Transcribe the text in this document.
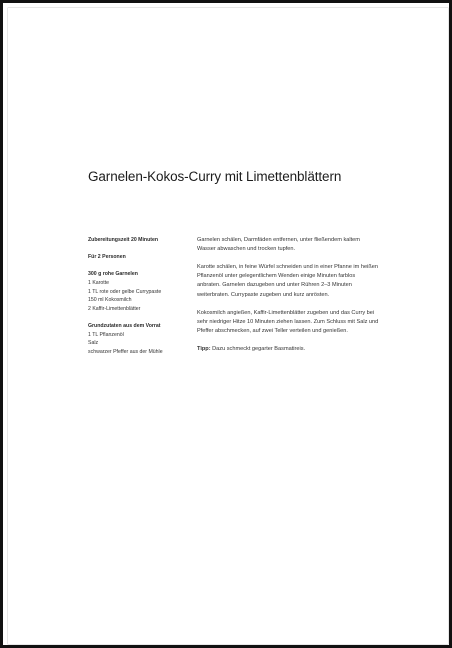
Garnelen-Kokos-Curry mit Limettenblättern
Zubereitungszeit 20 Minuten
Für 2 Personen
300 g rohe Garnelen
1 Karotte
1 TL rote oder gelbe Currypaste
150 ml Kokosmilch
2 Kaffir-Limettenblätter
Grundzutaten aus dem Vorrat
1 TL Pflanzenöl
Salz
schwarzer Pfeffer aus der Mühle

Garnelen schälen, Darmfäden entfernen, unter fließendem kaltem Wasser abwaschen und trocken tupfen.

Karotte schälen, in feine Würfel schneiden und in einer Pfanne im heißen Pflanzenöl unter gelegentlichem Wenden einige Minuten farblos anbraten. Garnelen dazugeben und unter Rühren 2–3 Minuten weiterbraten. Currypaste zugeben und kurz anrösten.

Kokosmilch angießen, Kaffir-Limettenblätter zugeben und das Curry bei sehr niedriger Hitze 10 Minuten ziehen lassen. Zum Schluss mit Salz und Pfeffer abschmecken, auf zwei Teller verteilen und genießen.

Tipp: Dazu schmeckt gegarter Basmatireis.
